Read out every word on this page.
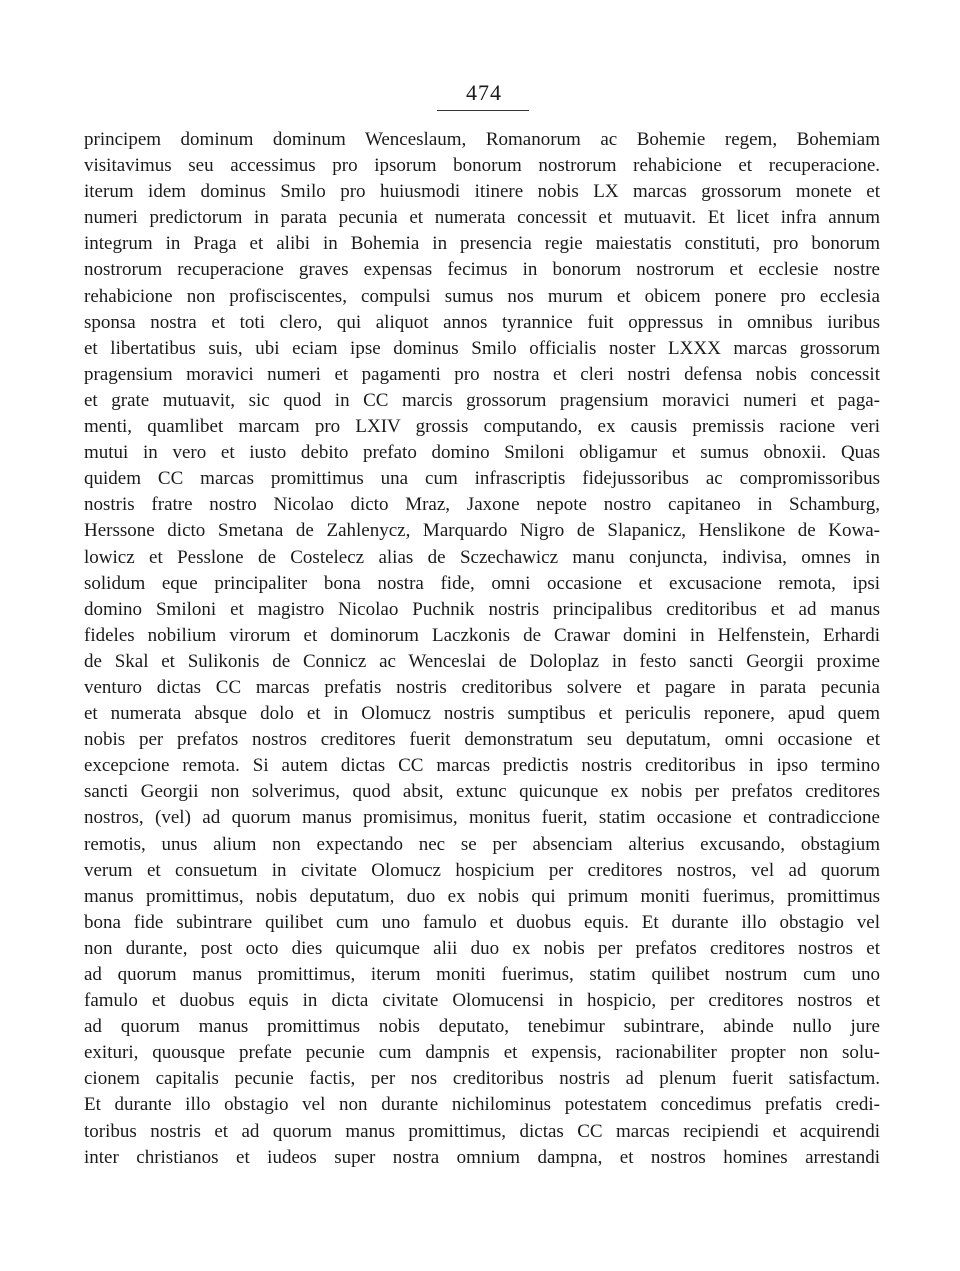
474
principem dominum dominum Wenceslaum, Romanorum ac Bohemie regem, Bohemiam
visitavimus seu accessimus pro ipsorum bonorum nostrorum rehabicione et recuperacione.
iterum idem dominus Smilo pro huiusmodi itinere nobis LX marcas grossorum monete et
numeri predictorum in parata pecunia et numerata concessit et mutuavit. Et licet infra annum
integrum in Praga et alibi in Bohemia in presencia regie maiestatis constituti, pro bonorum
nostrorum recuperacione graves expensas fecimus in bonorum nostrorum et ecclesie nostre
rehabicione non profisciscentes, compulsi sumus nos murum et obicem ponere pro ecclesia
sponsa nostra et toti clero, qui aliquot annos tyrannice fuit oppressus in omnibus iuribus
et libertatibus suis, ubi eciam ipse dominus Smilo officialis noster LXXX marcas grossorum
pragensium moravici numeri et pagamenti pro nostra et cleri nostri defensa nobis concessit
et grate mutuavit, sic quod in CC marcis grossorum pragensium moravici numeri et paga-
menti, quamlibet marcam pro LXIV grossis computando, ex causis premissis racione veri
mutui in vero et iusto debito prefato domino Smiloni obligamur et sumus obnoxii. Quas
quidem CC marcas promittimus una cum infrascriptis fidejussoribus ac compromissoribus
nostris fratre nostro Nicolao dicto Mraz, Jaxone nepote nostro capitaneo in Schamburg,
Herssone dicto Smetana de Zahlenycz, Marquardo Nigro de Slapanicz, Henslikone de Kowa-
lowicz et Pesslone de Costelecz alias de Sczechawicz manu conjuncta, indivisa, omnes in
solidum eque principaliter bona nostra fide, omni occasione et excusacione remota, ipsi
domino Smiloni et magistro Nicolao Puchnik nostris principalibus creditoribus et ad manus
fideles nobilium virorum et dominorum Laczkonis de Crawar domini in Helfenstein, Erhardi
de Skal et Sulikonis de Connicz ac Wenceslai de Doloplaz in festo sancti Georgii proxime
venturo dictas CC marcas prefatis nostris creditoribus solvere et pagare in parata pecunia
et numerata absque dolo et in Olomucz nostris sumptibus et periculis reponere, apud quem
nobis per prefatos nostros creditores fuerit demonstratum seu deputatum, omni occasione et
excepcione remota. Si autem dictas CC marcas predictis nostris creditoribus in ipso termino
sancti Georgii non solverimus, quod absit, extunc quicunque ex nobis per prefatos creditores
nostros, (vel) ad quorum manus promisimus, monitus fuerit, statim occasione et contradiccione
remotis, unus alium non expectando nec se per absenciam alterius excusando, obstagium
verum et consuetum in civitate Olomucz hospicium per creditores nostros, vel ad quorum
manus promittimus, nobis deputatum, duo ex nobis qui primum moniti fuerimus, promittimus
bona fide subintrare quilibet cum uno famulo et duobus equis. Et durante illo obstagio vel
non durante, post octo dies quicumque alii duo ex nobis per prefatos creditores nostros et
ad quorum manus promittimus, iterum moniti fuerimus, statim quilibet nostrum cum uno
famulo et duobus equis in dicta civitate Olomucensi in hospicio, per creditores nostros et
ad quorum manus promittimus nobis deputato, tenebimur subintrare, abinde nullo jure
exituri, quousque prefate pecunie cum dampnis et expensis, racionabiliter propter non solu-
cionem capitalis pecunie factis, per nos creditoribus nostris ad plenum fuerit satisfactum.
Et durante illo obstagio vel non durante nichilominus potestatem concedimus prefatis credi-
toribus nostris et ad quorum manus promittimus, dictas CC marcas recipiendi et acquirendi
inter christianos et iudeos super nostra omnium dampna, et nostros homines arrestandi
